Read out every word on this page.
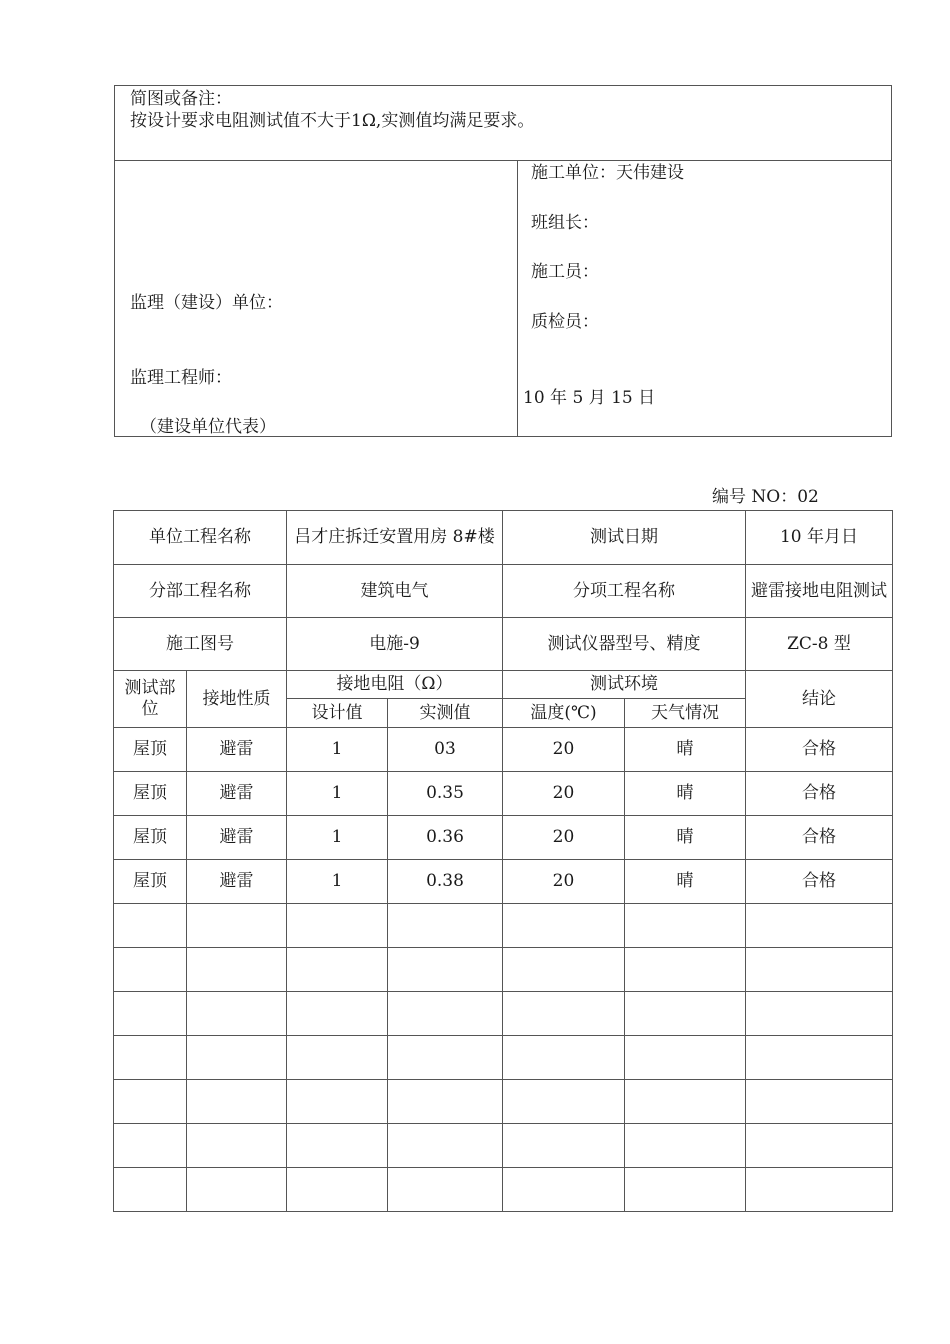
简图或备注：
按设计要求电阻测试值不大于1Ω,实测值均满足要求。
监理（建设）单位：
监理工程师：
（建设单位代表）
施工单位：天伟建设
班组长：
施工员：
质检员：
10 年 5 月 15 日
编号 NO：02
单位工程名称		吕才庄拆迁安置用房 8#楼		测试日期		10 年月日
分部工程名称		建筑电气		分项工程名称		避雷接地电阻测试
施工图号		电施-9		测试仪器型号、精度		ZC-8 型
测试部位	接地性质	接地电阻（Ω）		测试环境		结论
		设计值	实测值	温度(℃)	天气情况	
屋顶	避雷	1	03	20	晴	合格
屋顶	避雷	1	0.35	20	晴	合格
屋顶	避雷	1	0.36	20	晴	合格
屋顶	避雷	1	0.38	20	晴	合格
